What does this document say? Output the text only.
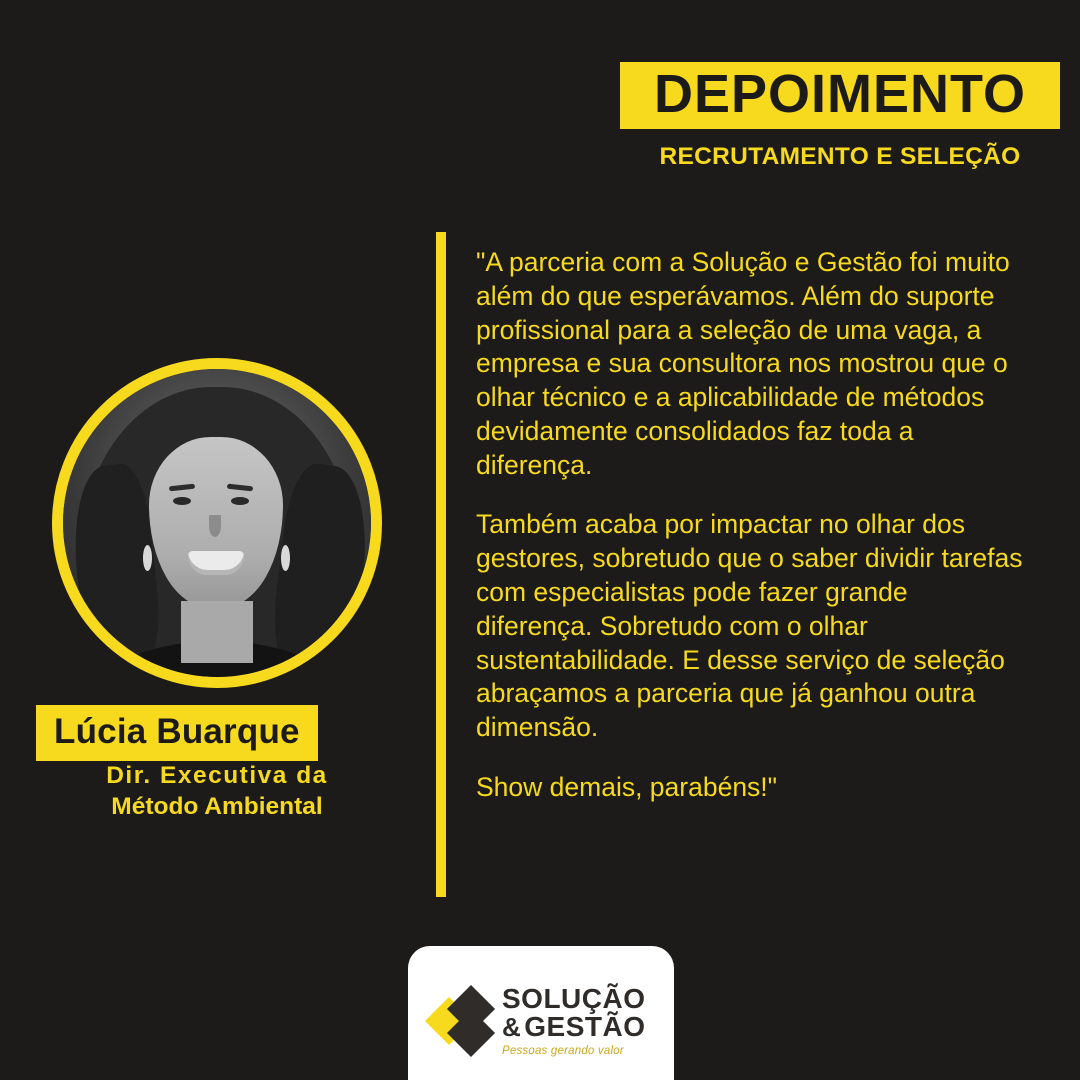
DEPOIMENTO
RECRUTAMENTO E SELEÇÃO

"A parceria com a Solução e Gestão foi muito além do que esperávamos. Além do suporte profissional para a seleção de uma vaga, a empresa e sua consultora nos mostrou que o olhar técnico e a aplicabilidade de métodos devidamente consolidados faz toda a diferença.

Também acaba por impactar no olhar dos gestores, sobretudo que o saber dividir tarefas com especialistas pode fazer grande diferença. Sobretudo com o olhar sustentabilidade. E desse serviço de seleção abraçamos a parceria que já ganhou outra dimensão.

Show demais, parabéns!"

Lúcia Buarque
Dir. Executiva da
Método Ambiental
SOLUÇÃO
& GESTÃO
Pessoas gerando valor
